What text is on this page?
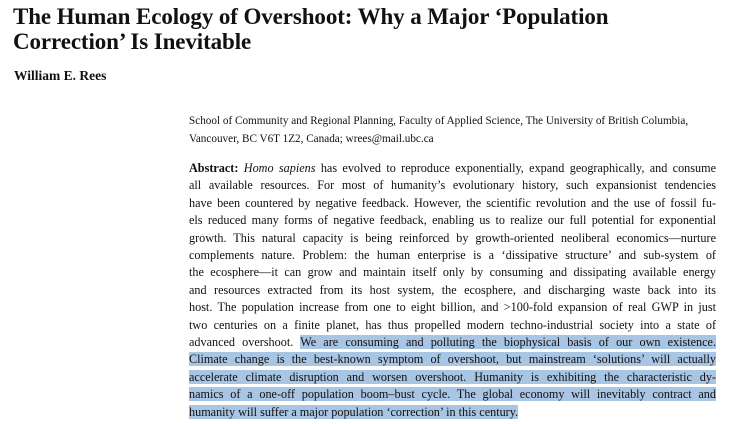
The Human Ecology of Overshoot: Why a Major ‘Population
Correction’ Is Inevitable

William E. Rees

School of Community and Regional Planning, Faculty of Applied Science, The University of British Columbia,
Vancouver, BC V6T 1Z2, Canada; wrees@mail.ubc.ca

Abstract: Homo sapiens has evolved to reproduce exponentially, expand geographically, and consume
all available resources. For most of humanity’s evolutionary history, such expansionist tendencies
have been countered by negative feedback. However, the scientific revolution and the use of fossil fu-
els reduced many forms of negative feedback, enabling us to realize our full potential for exponential
growth. This natural capacity is being reinforced by growth-oriented neoliberal economics—nurture
complements nature. Problem: the human enterprise is a ‘dissipative structure’ and sub-system of
the ecosphere—it can grow and maintain itself only by consuming and dissipating available energy
and resources extracted from its host system, the ecosphere, and discharging waste back into its
host. The population increase from one to eight billion, and >100-fold expansion of real GWP in just
two centuries on a finite planet, has thus propelled modern techno-industrial society into a state of
advanced overshoot. We are consuming and polluting the biophysical basis of our own existence.
Climate change is the best-known symptom of overshoot, but mainstream ‘solutions’ will actually
accelerate climate disruption and worsen overshoot. Humanity is exhibiting the characteristic dy-
namics of a one-off population boom–bust cycle. The global economy will inevitably contract and
humanity will suffer a major population ‘correction’ in this century.
